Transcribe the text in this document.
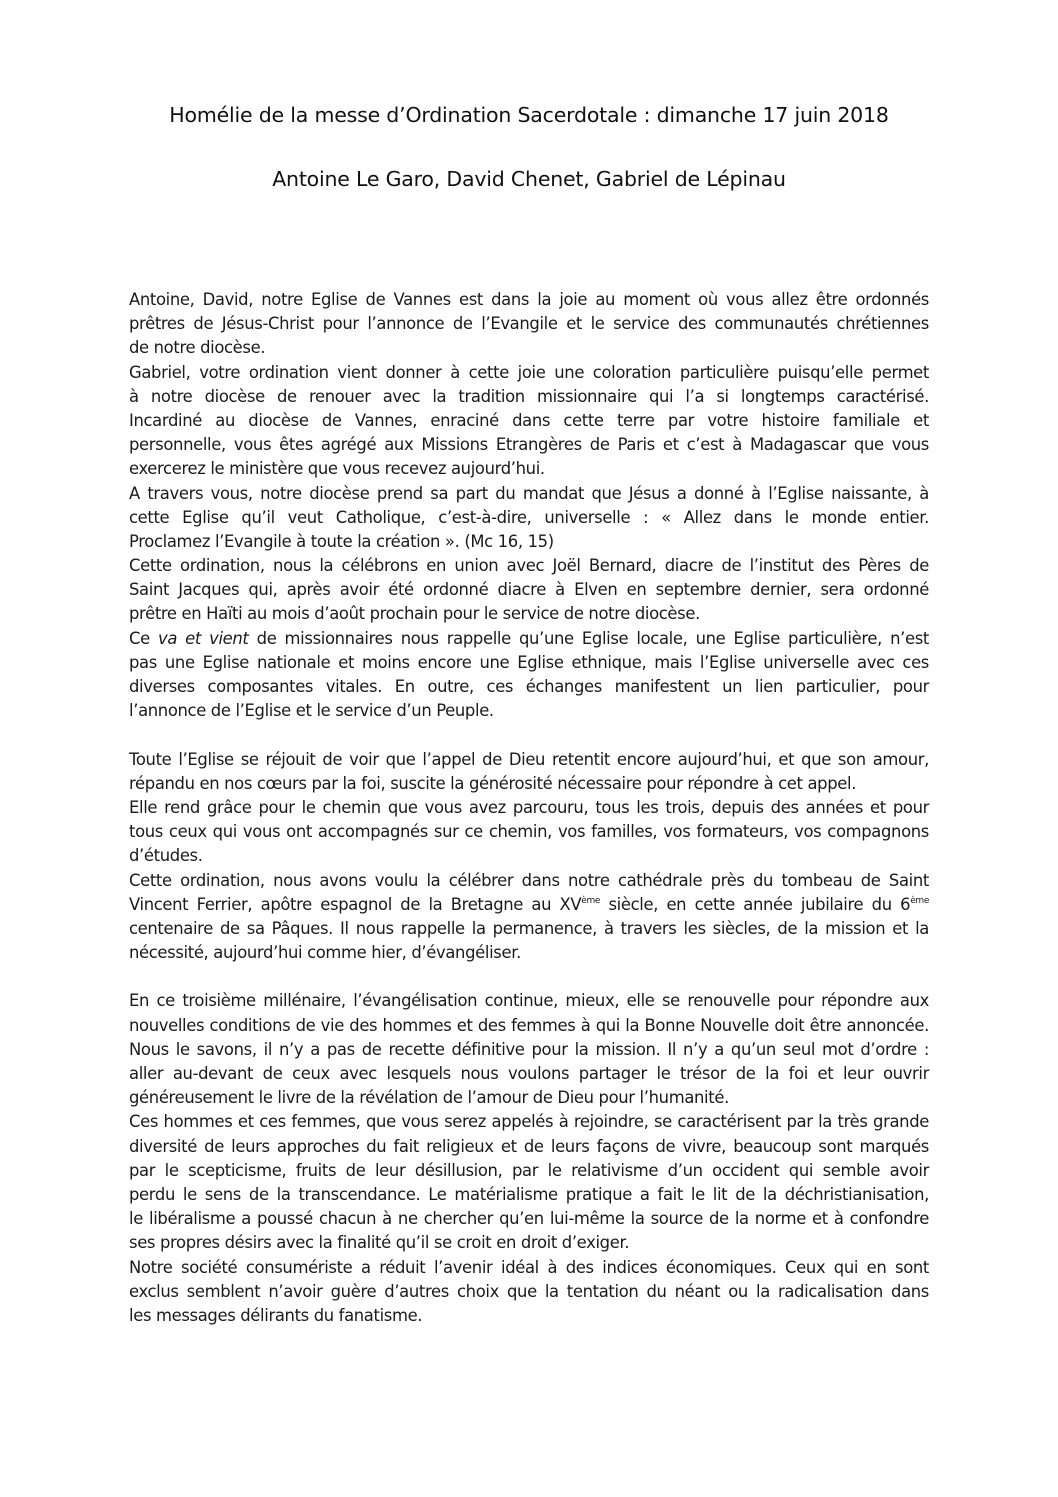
Homélie de la messe d’Ordination Sacerdotale : dimanche 17 juin 2018
Antoine Le Garo, David Chenet, Gabriel de Lépinau
Antoine, David, notre Eglise de Vannes est dans la joie au moment où vous allez être ordonnés
prêtres de Jésus-Christ pour l’annonce de l’Evangile et le service des communautés chrétiennes
de notre diocèse.
Gabriel, votre ordination vient donner à cette joie une coloration particulière puisqu’elle permet
à notre diocèse de renouer avec la tradition missionnaire qui l’a si longtemps caractérisé.
Incardiné au diocèse de Vannes, enraciné dans cette terre par votre histoire familiale et
personnelle, vous êtes agrégé aux Missions Etrangères de Paris et c’est à Madagascar que vous
exercerez le ministère que vous recevez aujourd’hui.
A travers vous, notre diocèse prend sa part du mandat que Jésus a donné à l’Eglise naissante, à
cette Eglise qu’il veut Catholique, c’est-à-dire, universelle : « Allez dans le monde entier.
Proclamez l’Evangile à toute la création ». (Mc 16, 15)
Cette ordination, nous la célébrons en union avec Joël Bernard, diacre de l’institut des Pères de
Saint Jacques qui, après avoir été ordonné diacre à Elven en septembre dernier, sera ordonné
prêtre en Haïti au mois d’août prochain pour le service de notre diocèse.
Ce va et vient de missionnaires nous rappelle qu’une Eglise locale, une Eglise particulière, n’est
pas une Eglise nationale et moins encore une Eglise ethnique, mais l’Eglise universelle avec ces
diverses composantes vitales. En outre, ces échanges manifestent un lien particulier, pour
l’annonce de l’Eglise et le service d’un Peuple.
Toute l’Eglise se réjouit de voir que l’appel de Dieu retentit encore aujourd’hui, et que son amour,
répandu en nos cœurs par la foi, suscite la générosité nécessaire pour répondre à cet appel.
Elle rend grâce pour le chemin que vous avez parcouru, tous les trois, depuis des années et pour
tous ceux qui vous ont accompagnés sur ce chemin, vos familles, vos formateurs, vos compagnons
d’études.
Cette ordination, nous avons voulu la célébrer dans notre cathédrale près du tombeau de Saint
Vincent Ferrier, apôtre espagnol de la Bretagne au XVème siècle, en cette année jubilaire du 6ème
centenaire de sa Pâques. Il nous rappelle la permanence, à travers les siècles, de la mission et la
nécessité, aujourd’hui comme hier, d’évangéliser.
En ce troisième millénaire, l’évangélisation continue, mieux, elle se renouvelle pour répondre aux
nouvelles conditions de vie des hommes et des femmes à qui la Bonne Nouvelle doit être annoncée.
Nous le savons, il n’y a pas de recette définitive pour la mission. Il n’y a qu’un seul mot d’ordre :
aller au-devant de ceux avec lesquels nous voulons partager le trésor de la foi et leur ouvrir
généreusement le livre de la révélation de l’amour de Dieu pour l’humanité.
Ces hommes et ces femmes, que vous serez appelés à rejoindre, se caractérisent par la très grande
diversité de leurs approches du fait religieux et de leurs façons de vivre, beaucoup sont marqués
par le scepticisme, fruits de leur désillusion, par le relativisme d’un occident qui semble avoir
perdu le sens de la transcendance. Le matérialisme pratique a fait le lit de la déchristianisation,
le libéralisme a poussé chacun à ne chercher qu’en lui-même la source de la norme et à confondre
ses propres désirs avec la finalité qu’il se croit en droit d’exiger.
Notre société consumériste a réduit l’avenir idéal à des indices économiques. Ceux qui en sont
exclus semblent n’avoir guère d’autres choix que la tentation du néant ou la radicalisation dans
les messages délirants du fanatisme.
